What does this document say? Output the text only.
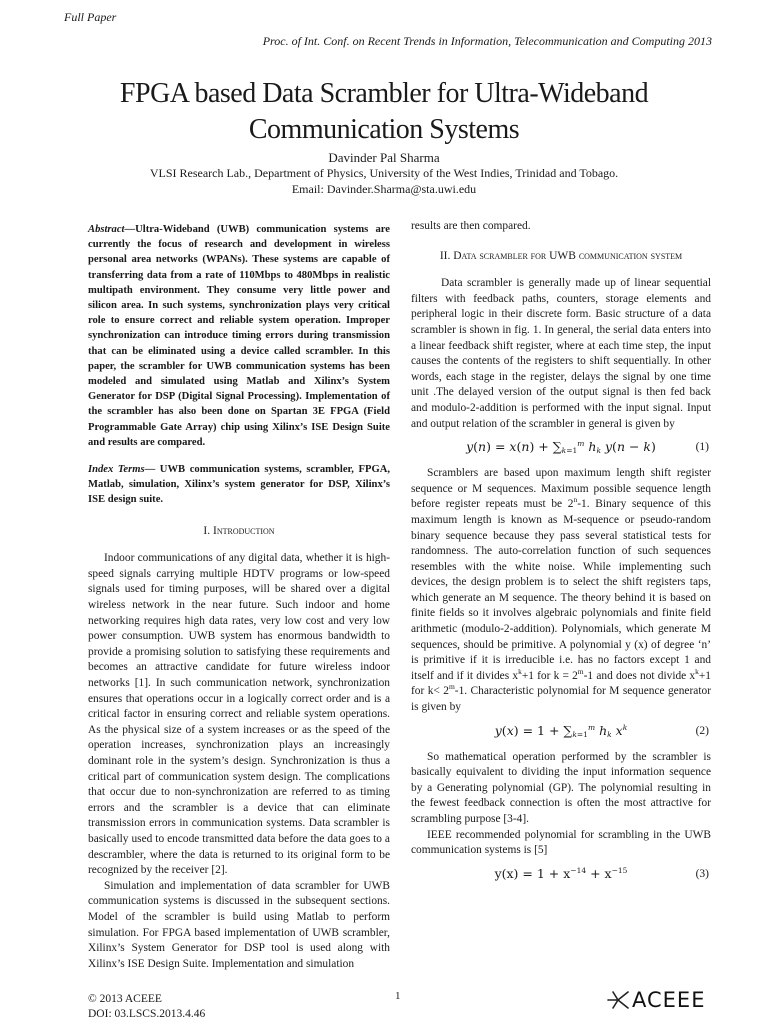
Full Paper
Proc. of Int. Conf. on Recent Trends in Information, Telecommunication and Computing 2013
FPGA based Data Scrambler for Ultra-Wideband
Communication Systems
Davinder Pal Sharma
VLSI Research Lab., Department of Physics, University of the West Indies, Trinidad and Tobago.
Email: Davinder.Sharma@sta.uwi.edu

Abstract—Ultra-Wideband (UWB) communication systems are currently the focus of research and development in wireless personal area networks (WPANs). These systems are capable of transferring data from a rate of 110Mbps to 480Mbps in realistic multipath environment. They consume very little power and silicon area. In such systems, synchronization plays very critical role to ensure correct and reliable system operation. Improper synchronization can introduce timing errors during transmission that can be eliminated using a device called scrambler. In this paper, the scrambler for UWB communication systems has been modeled and simulated using Matlab and Xilinx’s System Generator for DSP (Digital Signal Processing). Implementation of the scrambler has also been done on Spartan 3E FPGA (Field Programmable Gate Array) chip using Xilinx’s ISE Design Suite and results are compared.

Index Terms— UWB communication systems, scrambler, FPGA, Matlab, simulation, Xilinx’s system generator for DSP, Xilinx’s ISE design suite.

I. Introduction

Indoor communications of any digital data, whether it is high-speed signals carrying multiple HDTV programs or low-speed signals used for timing purposes, will be shared over a digital wireless network in the near future. Such indoor and home networking requires high data rates, very low cost and very low power consumption. UWB system has enormous bandwidth to provide a promising solution to satisfying these requirements and becomes an attractive candidate for future wireless indoor networks [1]. In such communication network, synchronization ensures that operations occur in a logically correct order and is a critical factor in ensuring correct and reliable system operations. As the physical size of a system increases or as the speed of the operation increases, synchronization plays an increasingly dominant role in the system’s design. Synchronization is thus a critical part of communication system design. The complications that occur due to non-synchronization are referred to as timing errors and the scrambler is a device that can eliminate transmission errors in communication systems. Data scrambler is basically used to encode transmitted data before the data goes to a descrambler, where the data is returned to its original form to be recognized by the receiver [2].

Simulation and implementation of data scrambler for UWB communication systems is discussed in the subsequent sections. Model of the scrambler is build using Matlab to perform simulation. For FPGA based implementation of UWB scrambler, Xilinx’s System Generator for DSP tool is used along with Xilinx’s ISE Design Suite. Implementation and simulation

results are then compared.

II. Data scrambler for UWB communication system

Data scrambler is generally made up of linear sequential filters with feedback paths, counters, storage elements and peripheral logic in their discrete form. Basic structure of a data scrambler is shown in fig. 1. In general, the serial data enters into a linear feedback shift register, where at each time step, the input causes the contents of the registers to shift sequentially. In other words, each stage in the register, delays the signal by one time unit .The delayed version of the output signal is then fed back and modulo-2-addition is performed with the input signal. Input and output relation of the scrambler in general is given by

$y(n) = x(n) + \sum_{k=1}^m$ $h_k$ y(n − k)	(1)

Scramblers are based upon maximum length shift register sequence or M sequences. Maximum possible sequence length before register repeats must be 2$^n$-1. Binary sequence of this maximum length is known as M-sequence or pseudo-random binary sequence because they pass several statistical tests for randomness. The auto-correlation function of such sequences resembles with the white noise. While implementing such devices, the design problem is to select the shift registers taps, which generate an M sequence. The theory behind it is based on finite fields so it involves algebraic polynomials and finite field arithmetic (modulo-2-addition). Polynomials, which generate M sequences, should be primitive. A polynomial y (x) of degree ‘n’ is primitive if it is irreducible i.e. has no factors except 1 and itself and if it divides $x^k+1$ for $k = 2^m-1$ and does not divide $x^k+1$ for $k< 2^m-1$. Characteristic polynomial for M sequence generator is given by

$y(x) = 1 + \sum_{k=1}^m$ $h_k$ $x^k$	(2)

So mathematical operation performed by the scrambler is basically equivalent to dividing the input information sequence by a Generating polynomial (GP). The polynomial resulting in the fewest feedback connection is often the most attractive for scrambling purpose [3-4].

IEEE recommended polynomial for scrambling in the UWB communication systems is [5]

$y(x) = 1 + x^{-14} + x^{-15}$	(3)
© 2013 ACEEE
DOI: 03.LSCS.2013.4.46
1	ACEEE
